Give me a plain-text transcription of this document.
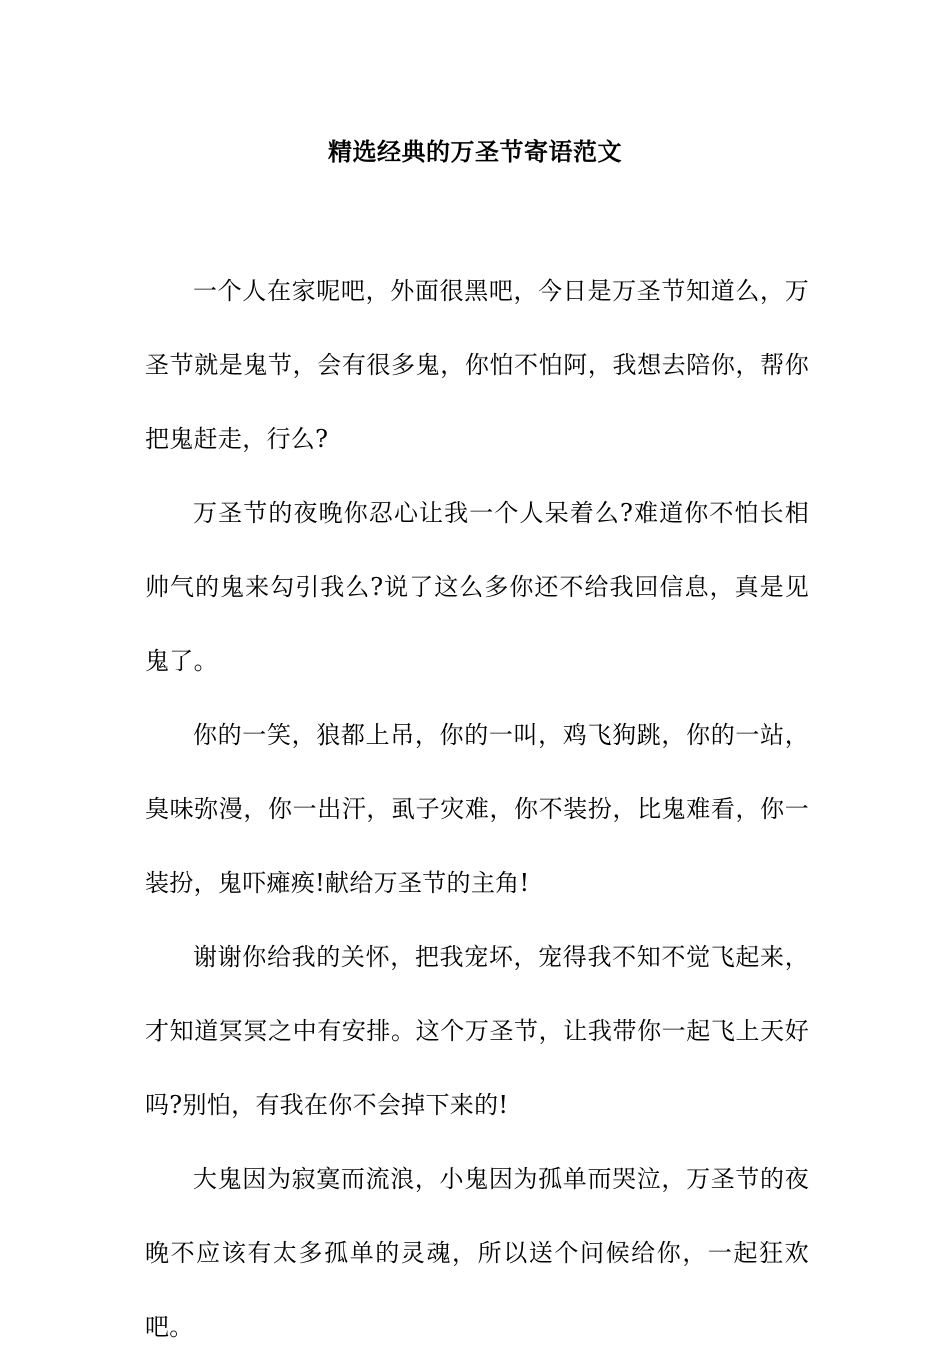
精选经典的万圣节寄语范文

一个人在家呢吧，外面很黑吧，今日是万圣节知道么，万圣节就是鬼节，会有很多鬼，你怕不怕阿，我想去陪你，帮你把鬼赶走，行么?

万圣节的夜晚你忍心让我一个人呆着么?难道你不怕长相帅气的鬼来勾引我么?说了这么多你还不给我回信息，真是见鬼了。

你的一笑，狼都上吊，你的一叫，鸡飞狗跳，你的一站，臭味弥漫，你一出汗，虱子灾难，你不装扮，比鬼难看，你一装扮，鬼吓瘫痪!献给万圣节的主角!

谢谢你给我的关怀，把我宠坏，宠得我不知不觉飞起来，才知道冥冥之中有安排。这个万圣节，让我带你一起飞上天好吗?别怕，有我在你不会掉下来的!

大鬼因为寂寞而流浪，小鬼因为孤单而哭泣，万圣节的夜晚不应该有太多孤单的灵魂，所以送个问候给你，一起狂欢吧。
